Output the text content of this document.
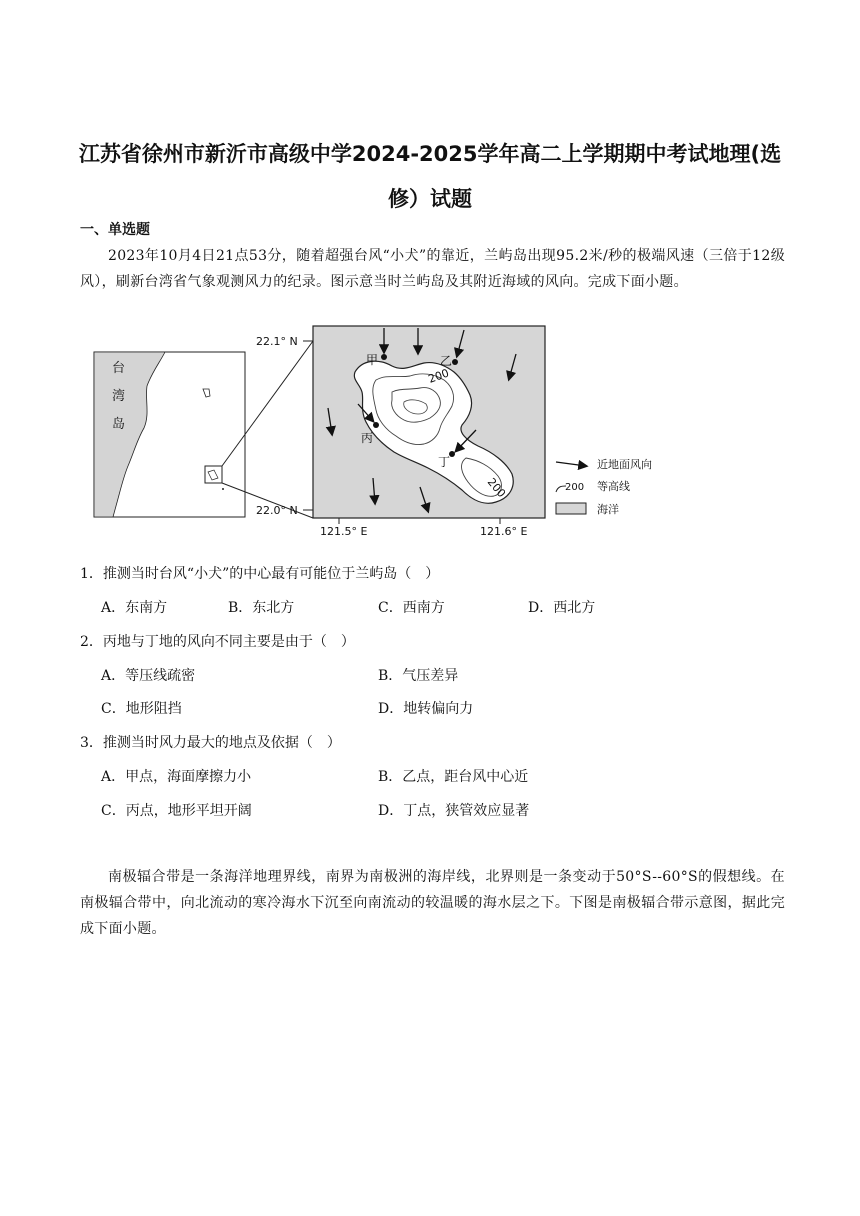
江苏省徐州市新沂市高级中学2024-2025学年高二上学期期中考试地理(选
修）试题
一、单选题
2023年10月4日21点53分，随着超强台风“小犬”的靠近，兰屿岛出现95.2米/秒的极端风速（三倍于12级风），刷新台湾省气象观测风力的纪录。图示意当时兰屿岛及其附近海域的风向。完成下面小题。
台
湾
岛
22.1° N
22.0° N
121.5° E	121.6° E
200
200
甲	乙
丙
丁	近地面风向
200 等高线
海洋
1．推测当时台风“小犬”的中心最有可能位于兰屿岛（　）
A．东南方	B．东北方	C．西南方	D．西北方
2．丙地与丁地的风向不同主要是由于（　）
A．等压线疏密	B．气压差异
C．地形阻挡	D．地转偏向力
3．推测当时风力最大的地点及依据（　）
A．甲点，海面摩擦力小	B．乙点，距台风中心近
C．丙点，地形平坦开阔	D．丁点，狭管效应显著
南极辐合带是一条海洋地理界线，南界为南极洲的海岸线，北界则是一条变动于50°S--60°S的假想线。在南极辐合带中，向北流动的寒冷海水下沉至向南流动的较温暖的海水层之下。下图是南极辐合带示意图，据此完成下面小题。
